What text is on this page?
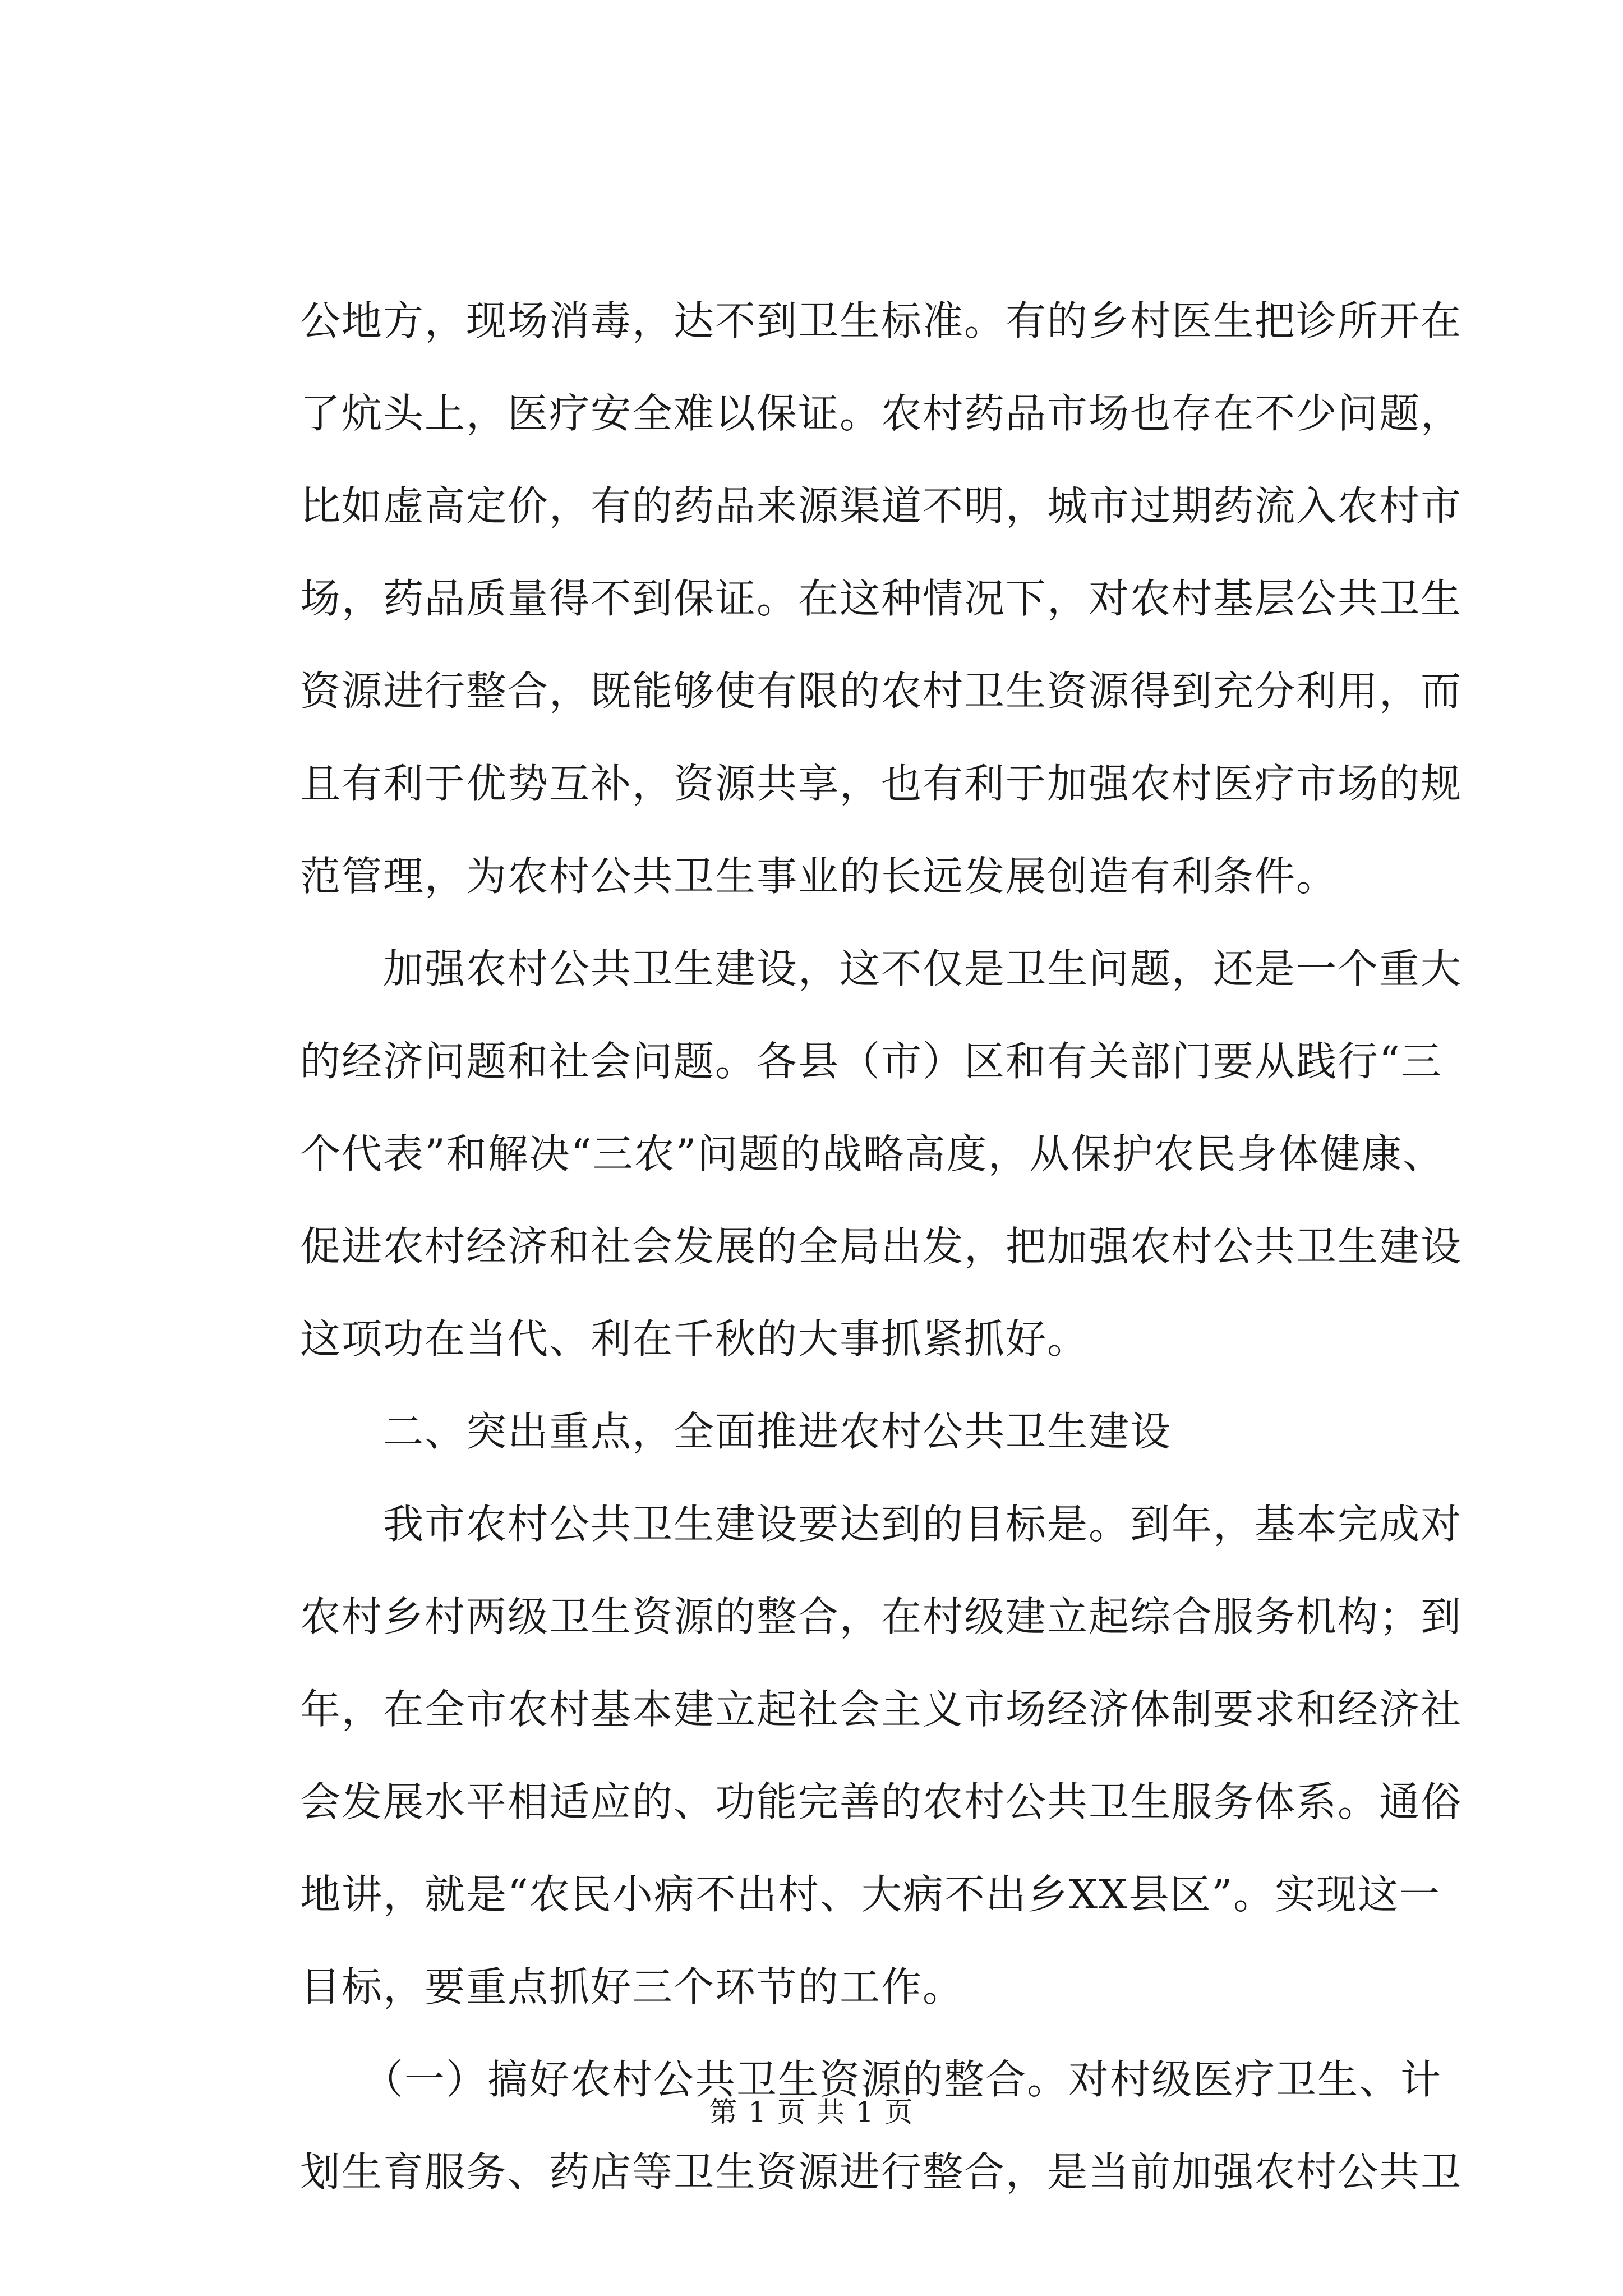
公地方，现场消毒，达不到卫生标准。有的乡村医生把诊所开在
了炕头上，医疗安全难以保证。农村药品市场也存在不少问题，
比如虚高定价，有的药品来源渠道不明，城市过期药流入农村市
场，药品质量得不到保证。在这种情况下，对农村基层公共卫生
资源进行整合，既能够使有限的农村卫生资源得到充分利用，而
且有利于优势互补，资源共享，也有利于加强农村医疗市场的规
范管理，为农村公共卫生事业的长远发展创造有利条件。
　　加强农村公共卫生建设，这不仅是卫生问题，还是一个重大
的经济问题和社会问题。各县（市）区和有关部门要从践行“三
个代表”和解决“三农”问题的战略高度，从保护农民身体健康、
促进农村经济和社会发展的全局出发，把加强农村公共卫生建设
这项功在当代、利在千秋的大事抓紧抓好。
　　二、突出重点，全面推进农村公共卫生建设
　　我市农村公共卫生建设要达到的目标是。到年，基本完成对
农村乡村两级卫生资源的整合，在村级建立起综合服务机构；到
年，在全市农村基本建立起社会主义市场经济体制要求和经济社
会发展水平相适应的、功能完善的农村公共卫生服务体系。通俗
地讲，就是“农民小病不出村、大病不出乡XX县区”。实现这一
目标，要重点抓好三个环节的工作。
　　（一）搞好农村公共卫生资源的整合。对村级医疗卫生、计
划生育服务、药店等卫生资源进行整合，是当前加强农村公共卫
第 1 页 共 1 页
